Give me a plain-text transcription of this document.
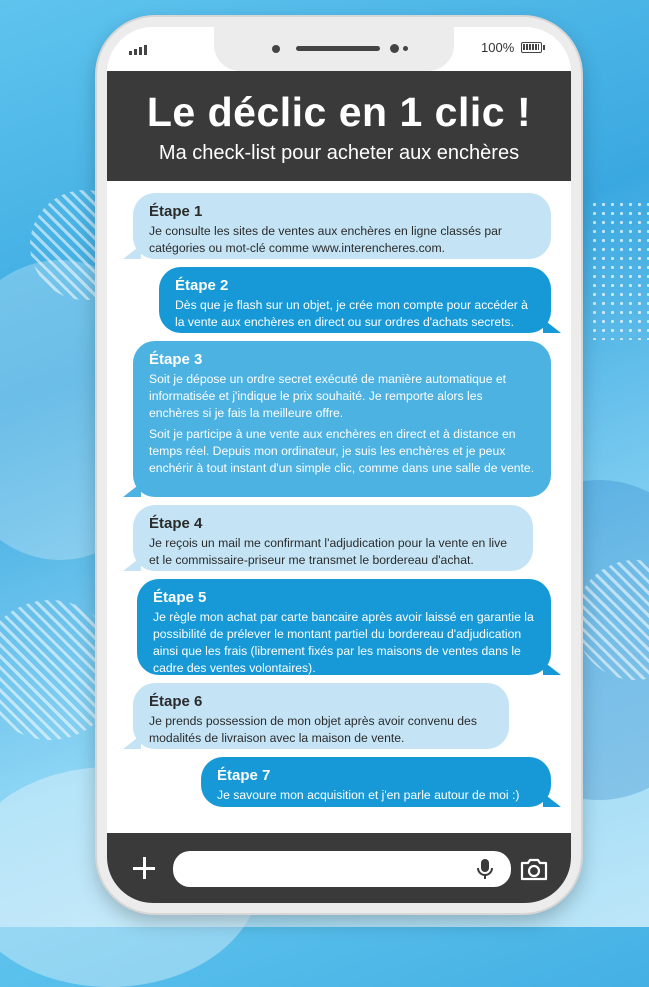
100%
Le déclic en 1 clic !
Ma check-list pour acheter aux enchères
Étape 1
Je consulte les sites de ventes aux enchères en ligne classés par catégories ou mot-clé comme www.interencheres.com.
Étape 2
Dès que je flash sur un objet, je crée mon compte pour accéder à la vente aux enchères en direct ou sur ordres d'achats secrets.
Étape 3
Soit je dépose un ordre secret exécuté de manière automatique et informatisée et j'indique le prix souhaité. Je remporte alors les enchères si je fais la meilleure offre.
Soit je participe à une vente aux enchères en direct et à distance en temps réel. Depuis mon ordinateur, je suis les enchères et je peux enchérir à tout instant d'un simple clic, comme dans une salle de vente.
Étape 4
Je reçois un mail me confirmant l'adjudication pour la vente en live et le commissaire-priseur me transmet le bordereau d'achat.
Étape 5
Je règle mon achat par carte bancaire après avoir laissé en garantie la possibilité de prélever le montant partiel du bordereau d'adjudication ainsi que les frais (librement fixés par les maisons de ventes dans le cadre des ventes volontaires).
Étape 6
Je prends possession de mon objet après avoir convenu des modalités de livraison avec la maison de vente.
Étape 7
Je savoure mon acquisition et j'en parle autour de moi :)
